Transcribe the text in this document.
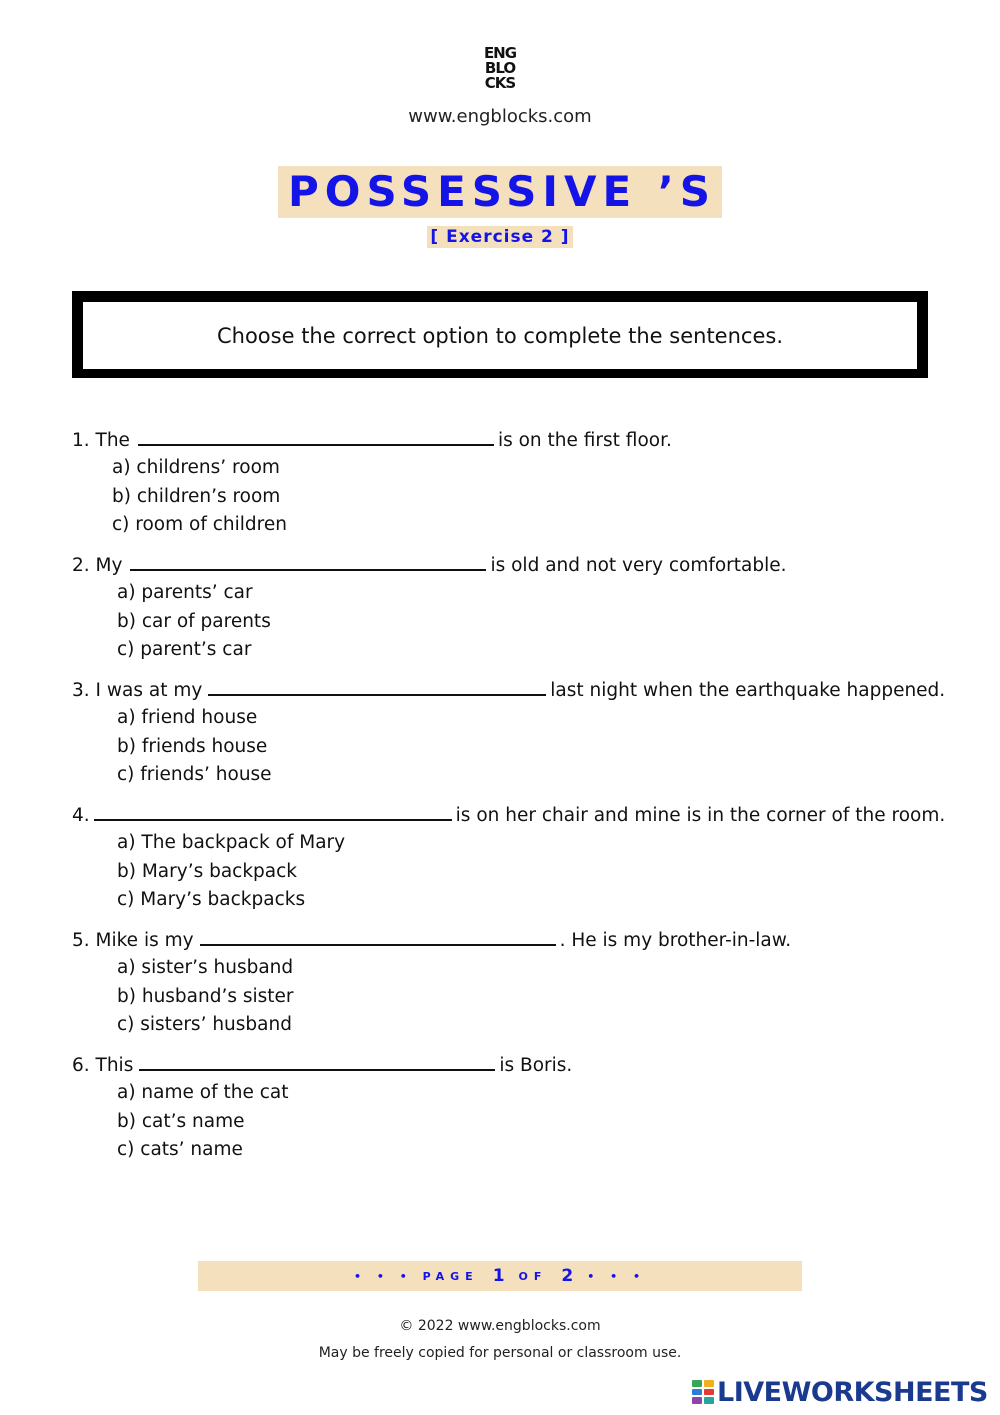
ENG
BLO
CKS
www.engblocks.com
POSSESSIVE ’S
[ Exercise 2 ]
Choose the correct option to complete the sentences.
1. The	is on the first floor.
a) childrens’ room
b) children’s room
c) room of children
2. My	is old and not very comfortable.
a) parents’ car
b) car of parents
c) parent’s car
3. I was at my	last night when the earthquake happened.
a) friend house
b) friends house
c) friends’ house
4.	is on her chair and mine is in the corner of the room.
a) The backpack of Mary
b) Mary’s backpack
c) Mary’s backpacks
5. Mike is my	. He is my brother-in-law.
a) sister’s husband
b) husband’s sister
c) sisters’ husband
6. This	is Boris.
a) name of the cat
b) cat’s name
c) cats’ name
• • • PAGE 1 OF 2 • • •
© 2022 www.engblocks.com
May be freely copied for personal or classroom use.
LIVEWORKSHEETS
